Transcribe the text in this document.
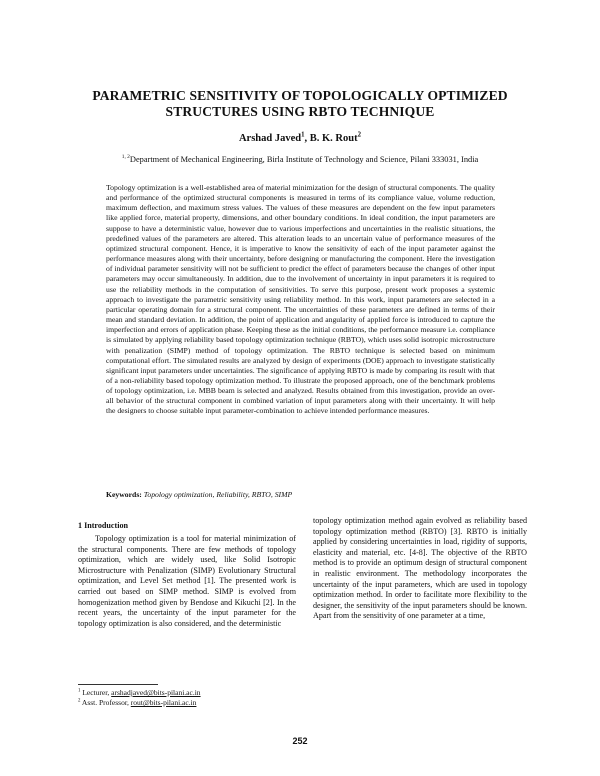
PARAMETRIC SENSITIVITY OF TOPOLOGICALLY OPTIMIZED STRUCTURES USING RBTO TECHNIQUE
Arshad Javed$^1$, B. K. Rout$^2$
$^{1, 2}$Department of Mechanical Engineering, Birla Institute of Technology and Science, Pilani 333031, India

Topology optimization is a well-established area of material minimization for the design of structural components. The quality and performance of the optimized structural components is measured in terms of its compliance value, volume reduction, maximum deflection, and maximum stress values. The values of these measures are dependent on the few input parameters like applied force, material property, dimensions, and other boundary conditions. In ideal condition, the input parameters are suppose to have a deterministic value, however due to various imperfections and uncertainties in the realistic situations, the predefined values of the parameters are altered. This alteration leads to an uncertain value of performance measures of the optimized structural component. Hence, it is imperative to know the sensitivity of each of the input parameter against the performance measures along with their uncertainty, before designing or manufacturing the component. Here the investigation of individual parameter sensitivity will not be sufficient to predict the effect of parameters because the changes of other input parameters may occur simultaneously. In addition, due to the involvement of uncertainty in input parameters it is required to use the reliability methods in the computation of sensitivities. To serve this purpose, present work proposes a systemic approach to investigate the parametric sensitivity using reliability method. In this work, input parameters are selected in a particular operating domain for a structural component. The uncertainties of these parameters are defined in terms of their mean and standard deviation. In addition, the point of application and angularity of applied force is introduced to capture the imperfection and errors of application phase. Keeping these as the initial conditions, the performance measure i.e. compliance is simulated by applying reliability based topology optimization technique (RBTO), which uses solid isotropic microstructure with penalization (SIMP) method of topology optimization. The RBTO technique is selected based on minimum computational effort. The simulated results are analyzed by design of experiments (DOE) approach to investigate statistically significant input parameters under uncertainties. The significance of applying RBTO is made by comparing its result with that of a non-reliability based topology optimization method. To illustrate the proposed approach, one of the benchmark problems of topology optimization, i.e. MBB beam is selected and analyzed. Results obtained from this investigation, provide an over-all behavior of the structural component in combined variation of input parameters along with their uncertainty. It will help the designers to choose suitable input parameter-combination to achieve intended performance measures.

Keywords: Topology optimization, Reliability, RBTO, SIMP
1 Introduction

Topology optimization is a tool for material minimization of the structural components. There are few methods of topology optimization, which are widely used, like Solid Isotropic Microstructure with Penalization (SIMP) Evolutionary Structural optimization, and Level Set method [1]. The presented work is carried out based on SIMP method. SIMP is evolved from homogenization method given by Bendose and Kikuchi [2]. In the recent years, the uncertainty of the input parameter for the topology optimization is also considered, and the deterministic

topology optimization method again evolved as reliability based topology optimization method (RBTO) [3]. RBTO is initially applied by considering uncertainties in load, rigidity of supports, elasticity and material, etc. [4-8]. The objective of the RBTO method is to provide an optimum design of structural component in realistic environment. The methodology incorporates the uncertainty of the input parameters, which are used in topology optimization method. In order to facilitate more flexibility to the designer, the sensitivity of the input parameters should be known. Apart from the sensitivity of one parameter at a time,

$^1$ Lecturer, arshadjaved@bits-pilani.ac.in
$^2$ Asst. Professor, rout@bits-pilani.ac.in
252
